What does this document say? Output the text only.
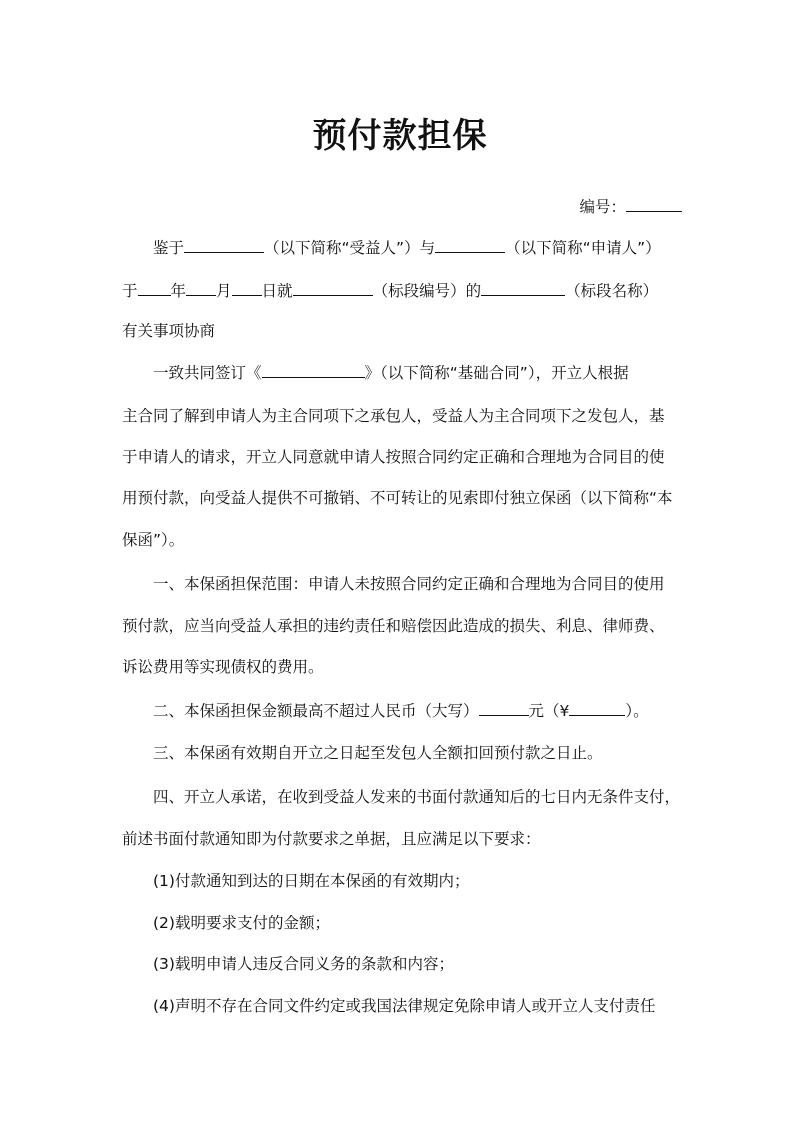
预付款担保
编号：
鉴于	（以下简称“受益人”）与	（以下简称“申请人”）
于 年 月 日就	（标段编号）的	（标段名称）
有关事项协商
一致共同签订《	》（以下简称“基础合同”），开立人根据
主合同了解到申请人为主合同项下之承包人，受益人为主合同项下之发包人，基
于申请人的请求，开立人同意就申请人按照合同约定正确和合理地为合同目的使
用预付款，向受益人提供不可撤销、不可转让的见索即付独立保函（以下简称“本
保函”）。
一、本保函担保范围：申请人未按照合同约定正确和合理地为合同目的使用
预付款，应当向受益人承担的违约责任和赔偿因此造成的损失、利息、律师费、
诉讼费用等实现债权的费用。
二、本保函担保金额最高不超过人民币（大写）	元（¥	）。
三、本保函有效期自开立之日起至发包人全额扣回预付款之日止。
四、开立人承诺，在收到受益人发来的书面付款通知后的七日内无条件支付，
前述书面付款通知即为付款要求之单据，且应满足以下要求：
(1)付款通知到达的日期在本保函的有效期内；
(2)载明要求支付的金额；
(3)载明申请人违反合同义务的条款和内容；
(4)声明不存在合同文件约定或我国法律规定免除申请人或开立人支付责任
